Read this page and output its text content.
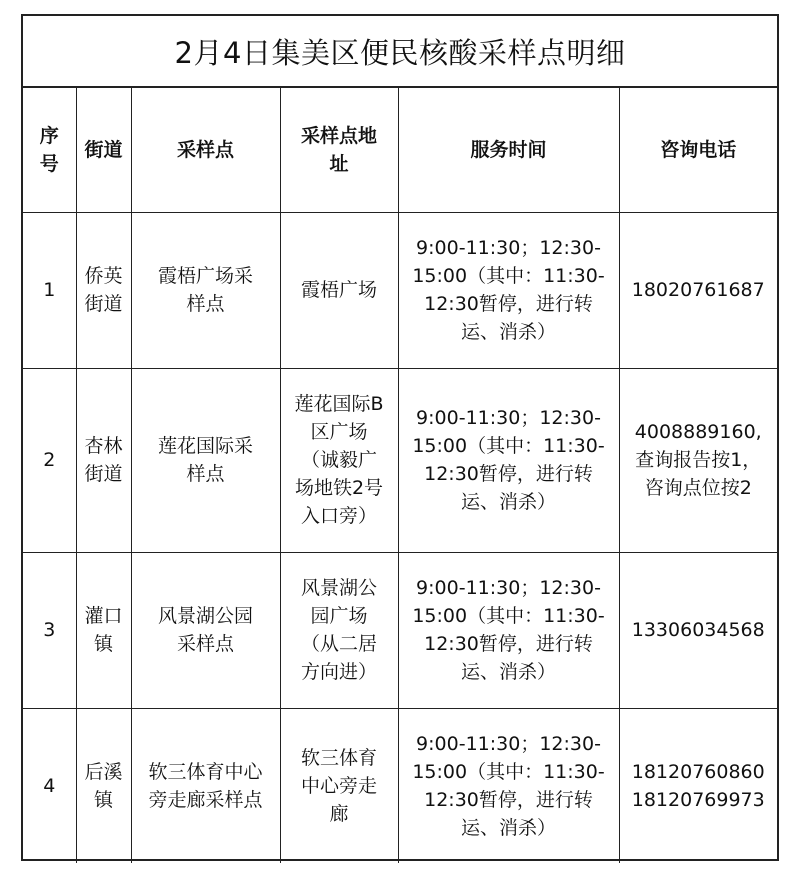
2月4日集美区便民核酸采样点明细
序号	街道	采样点	采样点地址	服务时间	咨询电话
1	侨英街道	霞梧广场采样点	霞梧广场	9:00-11:30；12:30-15:00（其中：11:30-12:30暂停，进行转运、消杀）	18020761687
2	杏林街道	莲花国际采样点	莲花国际B区广场（诚毅广场地铁2号入口旁）	9:00-11:30；12:30-15:00（其中：11:30-12:30暂停，进行转运、消杀）	4008889160,查询报告按1，咨询点位按2
3	灌口镇	风景湖公园采样点	风景湖公园广场（从二居方向进）	9:00-11:30；12:30-15:00（其中：11:30-12:30暂停，进行转运、消杀）	13306034568
4	后溪镇	软三体育中心旁走廊采样点	软三体育中心旁走廊	9:00-11:30；12:30-15:00（其中：11:30-12:30暂停，进行转运、消杀）	1812076086018120769973
